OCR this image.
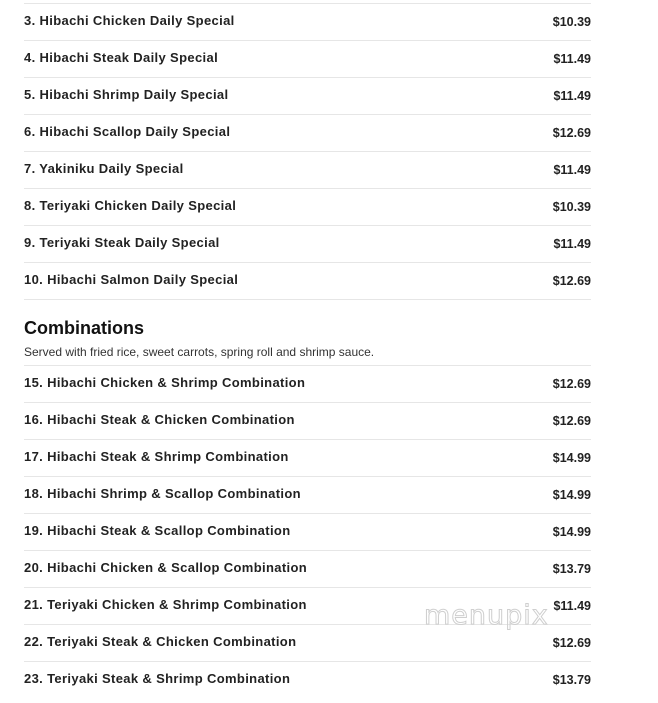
3. Hibachi Chicken Daily Special	$10.39
4. Hibachi Steak Daily Special	$11.49
5. Hibachi Shrimp Daily Special	$11.49
6. Hibachi Scallop Daily Special	$12.69
7. Yakiniku Daily Special	$11.49
8. Teriyaki Chicken Daily Special	$10.39
9. Teriyaki Steak Daily Special	$11.49
10. Hibachi Salmon Daily Special	$12.69
Combinations
Served with fried rice, sweet carrots, spring roll and shrimp sauce.
15. Hibachi Chicken & Shrimp Combination	$12.69
16. Hibachi Steak & Chicken Combination	$12.69
17. Hibachi Steak & Shrimp Combination	$14.99
18. Hibachi Shrimp & Scallop Combination	$14.99
19. Hibachi Steak & Scallop Combination	$14.99
20. Hibachi Chicken & Scallop Combination	$13.79
21. Teriyaki Chicken & Shrimp Combination	$11.49
22. Teriyaki Steak & Chicken Combination	$12.69
23. Teriyaki Steak & Shrimp Combination	$13.79
menupix
